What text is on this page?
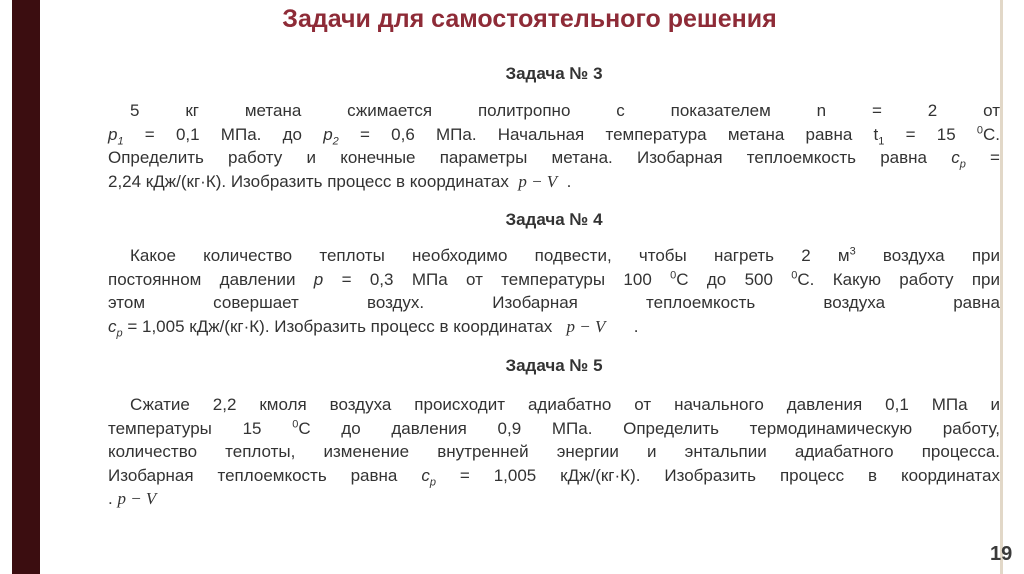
Задачи для самостоятельного решения
Задача № 3
5 кг метана сжимается политропно с показателем n = 2 от
$p_1 = 0,1$ МПа. до $p_2 = 0,6$ МПа. Начальная температура метана равна $t_1 = 15$ $^0$С.
Определить работу и конечные параметры метана. Изобарная теплоемкость равна $c_p$ =
2,24 кДж/(кг·К). Изобразить процесс в координатах p − V .
Задача № 4
Какое количество теплоты необходимо подвести, чтобы нагреть 2 $м^3$ воздуха при
постоянном давлении p = 0,3 МПа от температуры 100 $^0$С до 500 $^0$С. Какую работу при
этом совершает воздух. Изобарная теплоемкость воздуха равна
$c_p = 1,005$ кДж/(кг·К). Изобразить процесс в координатах p − V .
Задача № 5
Сжатие 2,2 кмоля воздуха происходит адиабатно от начального давления 0,1 МПа и
температуры 15 $^0$С до давления 0,9 МПа. Определить термодинамическую работу,
количество теплоты, изменение внутренней энергии и энтальпии адиабатного процесса.
Изобарная теплоемкость равна $c_p = 1,005$ кДж/(кг·К). Изобразить процесс в координатах
. p − V
19
